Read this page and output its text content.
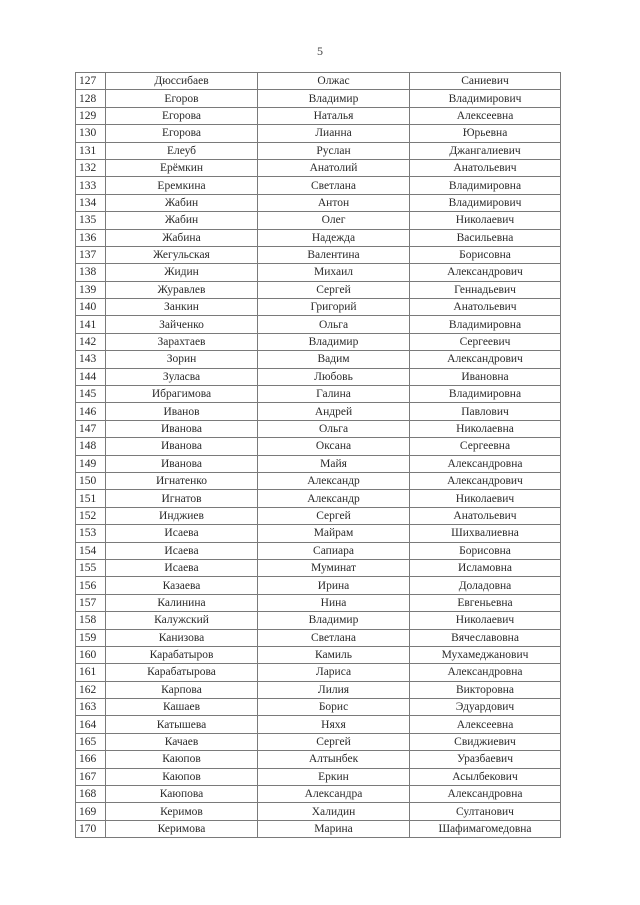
5
127	Дюссибаев	Олжас	Саниевич
128	Егоров	Владимир	Владимирович
129	Егорова	Наталья	Алексеевна
130	Егорова	Лиaнна	Юрьевна
131	Елеуб	Руслан	Джангалиевич
132	Ерёмкин	Анатолий	Анатольевич
133	Еремкина	Светлана	Владимировна
134	Жабин	Антон	Владимирович
135	Жабин	Олег	Николаевич
136	Жабина	Надежда	Васильевна
137	Жегульская	Валентина	Борисовна
138	Жидин	Михаил	Александрович
139	Журавлев	Сергей	Геннадьевич
140	Занкин	Григорий	Анатольевич
141	Зайченко	Ольга	Владимировна
142	Зарахтаев	Владимир	Сергеевич
143	Зорин	Вадим	Александрович
144	Зуласва	Любовь	Ивановна
145	Ибрагимова	Галина	Владимировна
146	Иванов	Андрей	Павлович
147	Иванова	Ольга	Николаевна
148	Иванова	Оксана	Сергеевна
149	Иванова	Майя	Александровна
150	Игнатенко	Александр	Александрович
151	Игнатов	Александр	Николаевич
152	Инджиев	Сергей	Анатольевич
153	Исаева	Майрам	Шихвалиевна
154	Исаева	Сапиара	Борисовна
155	Исаева	Муминат	Исламовна
156	Казаева	Ирина	Доладовна
157	Калинина	Нина	Евгеньевна
158	Калужский	Владимир	Николаевич
159	Канизова	Светлана	Вячеславовна
160	Карабатыров	Камиль	Мухамеджанович
161	Карабатырова	Лариса	Александровна
162	Карпова	Лилия	Викторовна
163	Кашаев	Борис	Эдуардович
164	Катышева	Няхя	Алексеевна
165	Качаев	Сергей	Свиджиевич
166	Каюпов	Алтынбек	Уразбаевич
167	Каюпов	Еркин	Асылбекович
168	Каюпова	Александра	Александровна
169	Керимов	Халидин	Султанович
170	Керимова	Марина	Шафимагомедовна
